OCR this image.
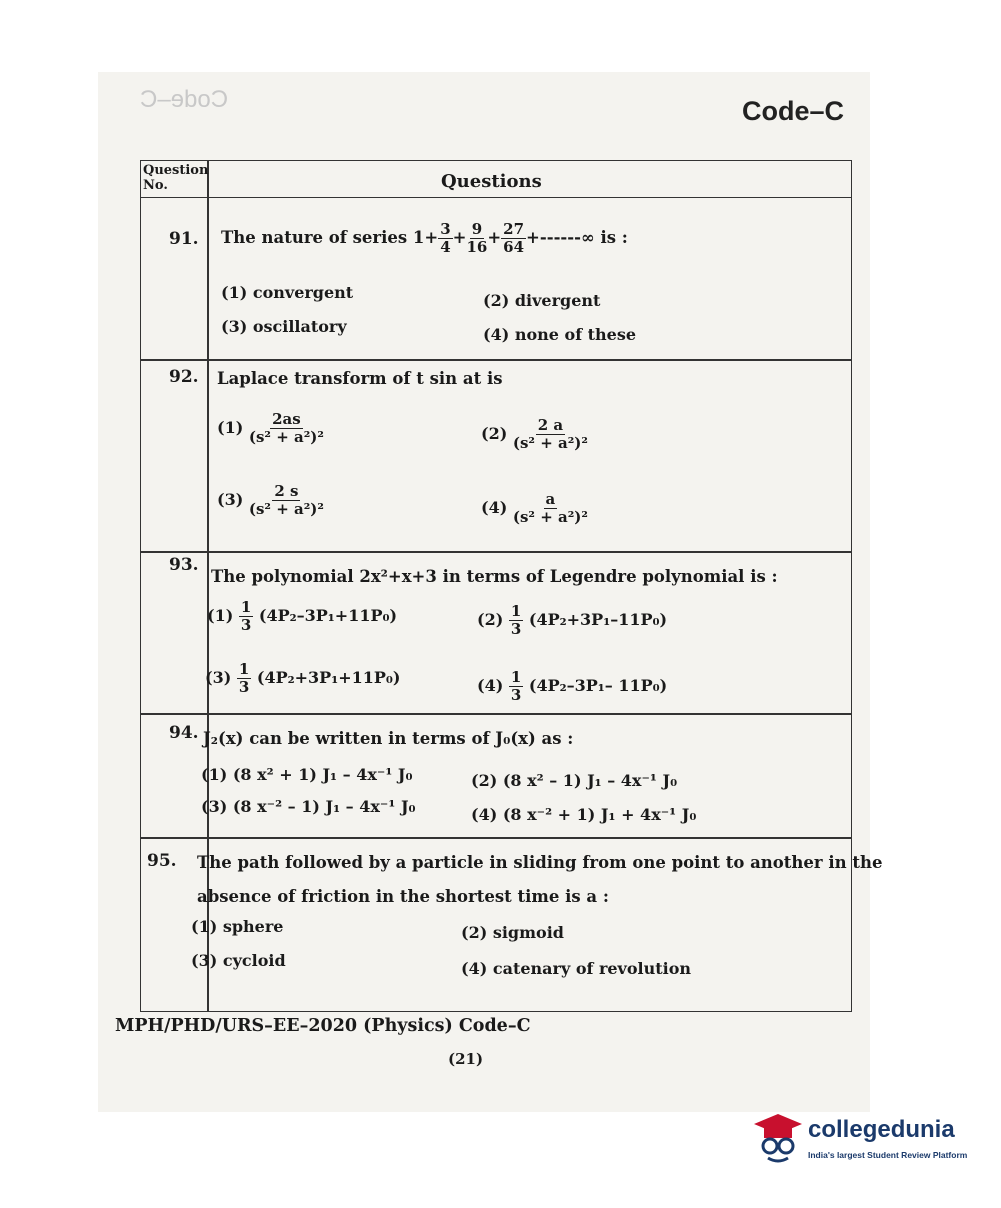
Code–C	Code–C
Question
No.	Questions
91. The nature of series $1+ \frac{3}{4} + \frac{9}{16} + \frac{27}{64}$ +------∞ is :
(1) convergent	(2) divergent
(3) oscillatory	(4) none of these
92. Laplace transform of t sin at is
$(1) \frac{2as}{\text{(s² + a²)²}}$	$(2) \frac{2 a}{\text{(s² + a²)²}}$
$(3) \frac{2 s}{\text{(s² + a²)²}}$	$(4) \frac{a}{\text{(s² + a²)²}}$
93.
The polynomial 2x²+x+3 in terms of Legendre polynomial is :
$(1) \frac{1}{3} (4P_2-3P_1+11P_0)$	$(2) \frac{1}{3} (4P_2+3P_1-11P_0)$
$(3) \frac{1}{3} (4P_2+3P_1+11P_0)$	$(4) \frac{1}{3} (4P_2-3P_1-$ 11P₀)
94. J₂(x) can be written in terms of J₀(x) as :
(1) (8 x² + 1) J₁ – 4x⁻¹ J₀	(2) (8 x² – 1) J₁ – 4x⁻¹ J₀
(3) (8 x⁻² – 1) J₁ – 4x⁻¹ J₀	(4) (8 x⁻² + 1) J₁ + 4x⁻¹ J₀
95. The path followed by a particle in sliding from one point to another in the
absence of friction in the shortest time is a :
(1) sphere	(2) sigmoid
(3) cycloid	(4) catenary of revolution
MPH/PHD/URS–EE–2020 (Physics) Code–C
(21)
collegedunia
India's largest Student Review Platform
